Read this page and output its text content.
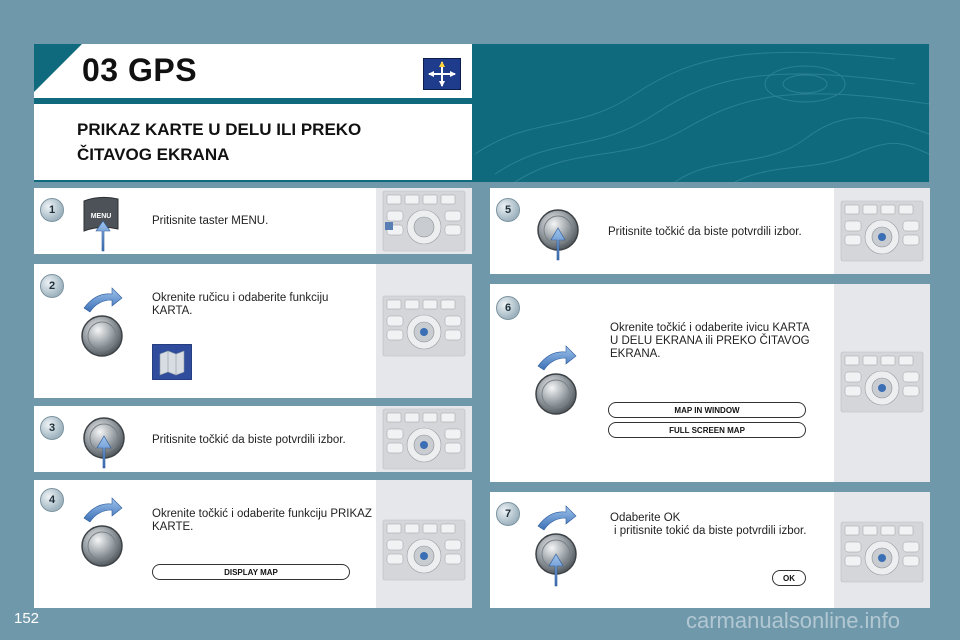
03 GPS
PRIKAZ KARTE U DELU ILI PREKO ČITAVOG EKRANA
1
MENU	Pritisnite taster MENU.
2
Okrenite ručicu i odaberite funkciju KARTA.
3
Pritisnite točkić da biste potvrdili izbor.
4
Okrenite točkić i odaberite funkciju PRIKAZ KARTE.
DISPLAY MAP
5
Pritisnite točkić da biste potvrdili izbor.
6
Okrenite točkić i odaberite ivicu KARTA U DELU EKRANA ili PREKO ČITAVOG EKRANA.
MAP IN WINDOW
FULL SCREEN MAP
7	Odaberite OK
i pritisnite tokić da biste potvrdili izbor.
OK
152	carmanualsonline.info
